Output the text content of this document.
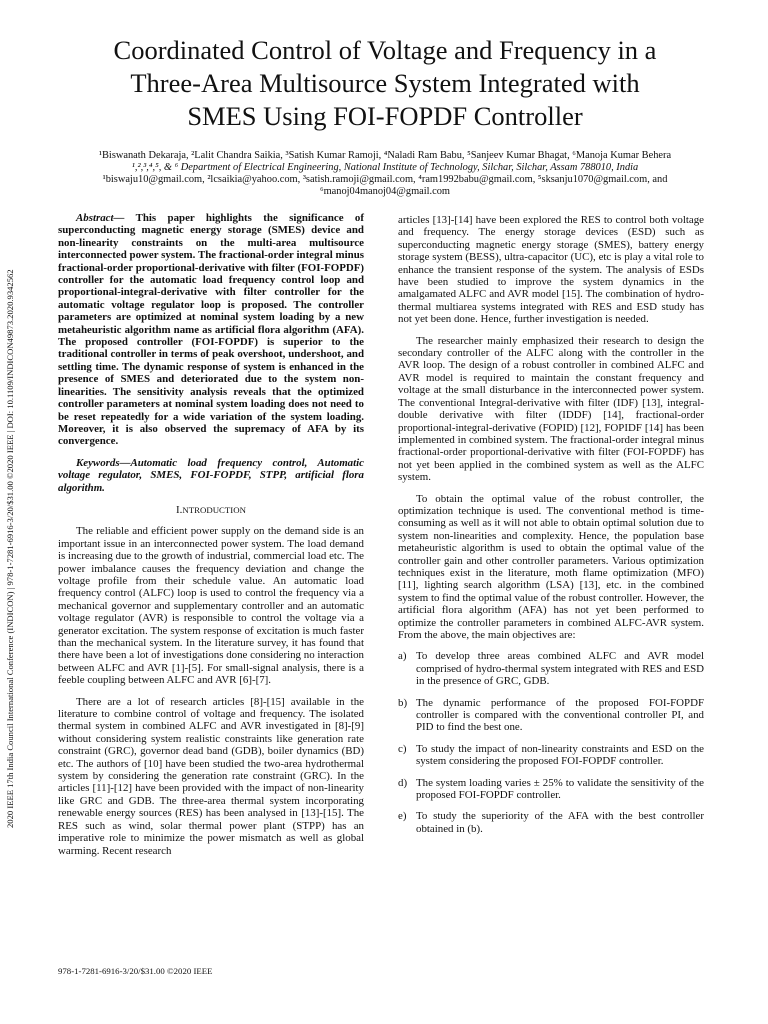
2020 IEEE 17th India Council International Conference (INDICON) | 978-1-7281-6916-3/20/$31.00 ©2020 IEEE | DOI: 10.1109/INDICON49873.2020.9342562
Coordinated Control of Voltage and Frequency in a
Three-Area Multisource System Integrated with
SMES Using FOI-FOPDF Controller
¹Biswanath Dekaraja, ²Lalit Chandra Saikia, ³Satish Kumar Ramoji, ⁴Naladi Ram Babu, ⁵Sanjeev Kumar Bhagat, ⁶Manoja Kumar Behera
¹,²,³,⁴,⁵, & ⁶ Department of Electrical Engineering, National Institute of Technology, Silchar, Silchar, Assam 788010, India
¹biswaju10@gmail.com, ²lcsaikia@yahoo.com, ³satish.ramoji@gmail.com, ⁴ram1992babu@gmail.com, ⁵sksanju1070@gmail.com, and
⁶manoj04manoj04@gmail.com

Abstract— This paper highlights the significance of superconducting magnetic energy storage (SMES) device and non-linearity constraints on the multi-area multisource interconnected power system. The fractional-order integral minus fractional-order proportional-derivative with filter (FOI-FOPDF) controller for the automatic load frequency control loop and proportional-integral-derivative with filter controller for the automatic voltage regulator loop is proposed. The controller parameters are optimized at nominal system loading by a new metaheuristic algorithm name as artificial flora algorithm (AFA). The proposed controller (FOI-FOPDF) is superior to the traditional controller in terms of peak overshoot, undershoot, and settling time. The dynamic response of system is enhanced in the presence of SMES and deteriorated due to the system non-linearities. The sensitivity analysis reveals that the optimized controller parameters at nominal system loading does not need to be reset repeatedly for a wide variation of the system loading. Moreover, it is also observed the supremacy of AFA by its convergence.

Keywords—Automatic load frequency control, Automatic voltage regulator, SMES, FOI-FOPDF, STPP, artificial flora algorithm.

I.NTRODUCTION

The reliable and efficient power supply on the demand side is an important issue in an interconnected power system. The load demand is increasing due to the growth of industrial, commercial load etc. The power imbalance causes the frequency deviation and change the voltage profile from their schedule value. An automatic load frequency control (ALFC) loop is used to control the frequency via a mechanical governor and supplementary controller and an automatic voltage regulator (AVR) is responsible to control the voltage via a generator excitation. The system response of excitation is much faster than the mechanical system. In the literature survey, it has found that there have been a lot of investigations done considering no interaction between ALFC and AVR [1]-[5]. For small-signal analysis, there is a feeble coupling between ALFC and AVR [6]-[7].

There are a lot of research articles [8]-[15] available in the literature to combine control of voltage and frequency. The isolated thermal system in combined ALFC and AVR investigated in [8]-[9] without considering system realistic constraints like generation rate constraint (GRC), governor dead band (GDB), boiler dynamics (BD) etc. The authors of [10] have been studied the two-area hydrothermal system by considering the generation rate constraint (GRC). In the articles [11]-[12] have been provided with the impact of non-linearity like GRC and GDB. The three-area thermal system incorporating renewable energy sources (RES) has been analysed in [13]-[15]. The RES such as wind, solar thermal power plant (STPP) has an imperative role to minimize the power mismatch as well as global warming. Recent research

articles [13]-[14] have been explored the RES to control both voltage and frequency. The energy storage devices (ESD) such as superconducting magnetic energy storage (SMES), battery energy storage system (BESS), ultra-capacitor (UC), etc is play a vital role to enhance the transient response of the system. The analysis of ESDs have been studied to improve the system dynamics in the amalgamated ALFC and AVR model [15]. The combination of hydro-thermal multiarea systems integrated with RES and ESD study has not yet been done. Hence, further investigation is needed.

The researcher mainly emphasized their research to design the secondary controller of the ALFC along with the controller in the AVR loop. The design of a robust controller in combined ALFC and AVR model is required to maintain the constant frequency and voltage at the small disturbance in the interconnected power system. The conventional Integral-derivative with filter (IDF) [13], integral-double derivative with filter (IDDF) [14], fractional-order proportional-integral-derivative (FOPID) [12], FOPIDF [14] has been implemented in combined system. The fractional-order integral minus fractional-order proportional-derivative with filter (FOI-FOPDF) has not yet been applied in the combined system as well as the ALFC system.

To obtain the optimal value of the robust controller, the optimization technique is used. The conventional method is time-consuming as well as it will not able to obtain optimal solution due to system non-linearities and complexity. Hence, the population base metaheuristic algorithm is used to obtain the optimal value of the controller gain and other controller parameters. Various optimization techniques exist in the literature, moth flame optimization (MFO) [11], lighting search algorithm (LSA) [13], etc. in the combined system to find the optimal value of the robust controller. However, the artificial flora algorithm (AFA) has not yet been performed to optimize the controller parameters in combined ALFC-AVR system. From the above, the main objectives are:

a) To develop three areas combined ALFC and AVR model comprised of hydro-thermal system integrated with RES and ESD in the presence of GRC, GDB.
b) The dynamic performance of the proposed FOI-FOPDF controller is compared with the conventional controller PI, and PID to find the best one.
c) To study the impact of non-linearity constraints and ESD on the system considering the proposed FOI-FOPDF controller.
d) The system loading varies ± 25% to validate the sensitivity of the proposed FOI-FOPDF controller.
e) To study the superiority of the AFA with the best controller obtained in (b).
978-1-7281-6916-3/20/$31.00 ©2020 IEEE
